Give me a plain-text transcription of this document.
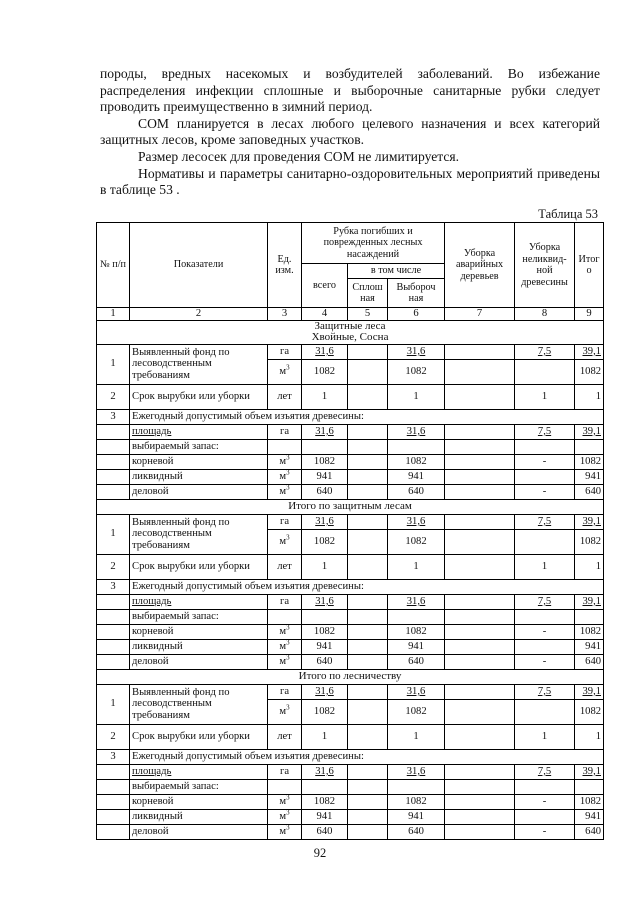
породы, вредных насекомых и возбудителей заболеваний. Во избежание распределения инфекции сплошные и выборочные санитарные рубки следует проводить преимущественно в зимний период.

СОМ планируется в лесах любого целевого назначения и всех категорий защитных лесов, кроме заповедных участков.

Размер лесосек для проведения СОМ не лимитируется.

Нормативы и параметры санитарно-оздоровительных мероприятий приведены в таблице 53 .

Таблица 53
№ п/п	Показатели	Ед. изм.	Рубка погибших и поврежденных лесных насаждений			Уборка аварийных деревьев	Уборка неликвид-ной древесины	Итог о
			всего	в том числе				
				Сплош ная	Выбороч ная			
1	2	3	4	5	6	7	8	9
Защитные леса
Хвойные, Сосна								
1	Выявленный фонд по лесоводственным требованиям	га	31,6		31,6		7,5	39,1
		$м^3$	1082		1082			1082
2	Срок вырубки или уборки	лет	1		1		1	1
3	Ежегодный допустимый объем изъятия древесины:							
	площадь	га	31,6		31,6		7,5	39,1
	выбираемый запас:							
	корневой	$м^3$	1082		1082		-	1082
	ликвидный	$м^3$	941		941			941
	деловой	$м^3$	640		640		-	640
Итого по защитным лесам								
1	Выявленный фонд по лесоводственным требованиям	га	31,6		31,6		7,5	39,1
		$м^3$	1082		1082			1082
2	Срок вырубки или уборки	лет	1		1		1	1
3	Ежегодный допустимый объем изъятия древесины:							
	площадь	га	31,6		31,6		7,5	39,1
	выбираемый запас:							
	корневой	$м^3$	1082		1082		-	1082
	ликвидный	$м^3$	941		941			941
	деловой	$м^3$	640		640		-	640
Итого по лесничеству								
1	Выявленный фонд по лесоводственным требованиям	га	31,6		31,6		7,5	39,1
		$м^3$	1082		1082			1082
2	Срок вырубки или уборки	лет	1		1		1	1
3	Ежегодный допустимый объем изъятия древесины:							
	площадь	га	31,6		31,6		7,5	39,1
	выбираемый запас:							
	корневой	$м^3$	1082		1082		-	1082
	ликвидный	$м^3$	941		941			941
	деловой	$м^3$	640		640		-	640
92
